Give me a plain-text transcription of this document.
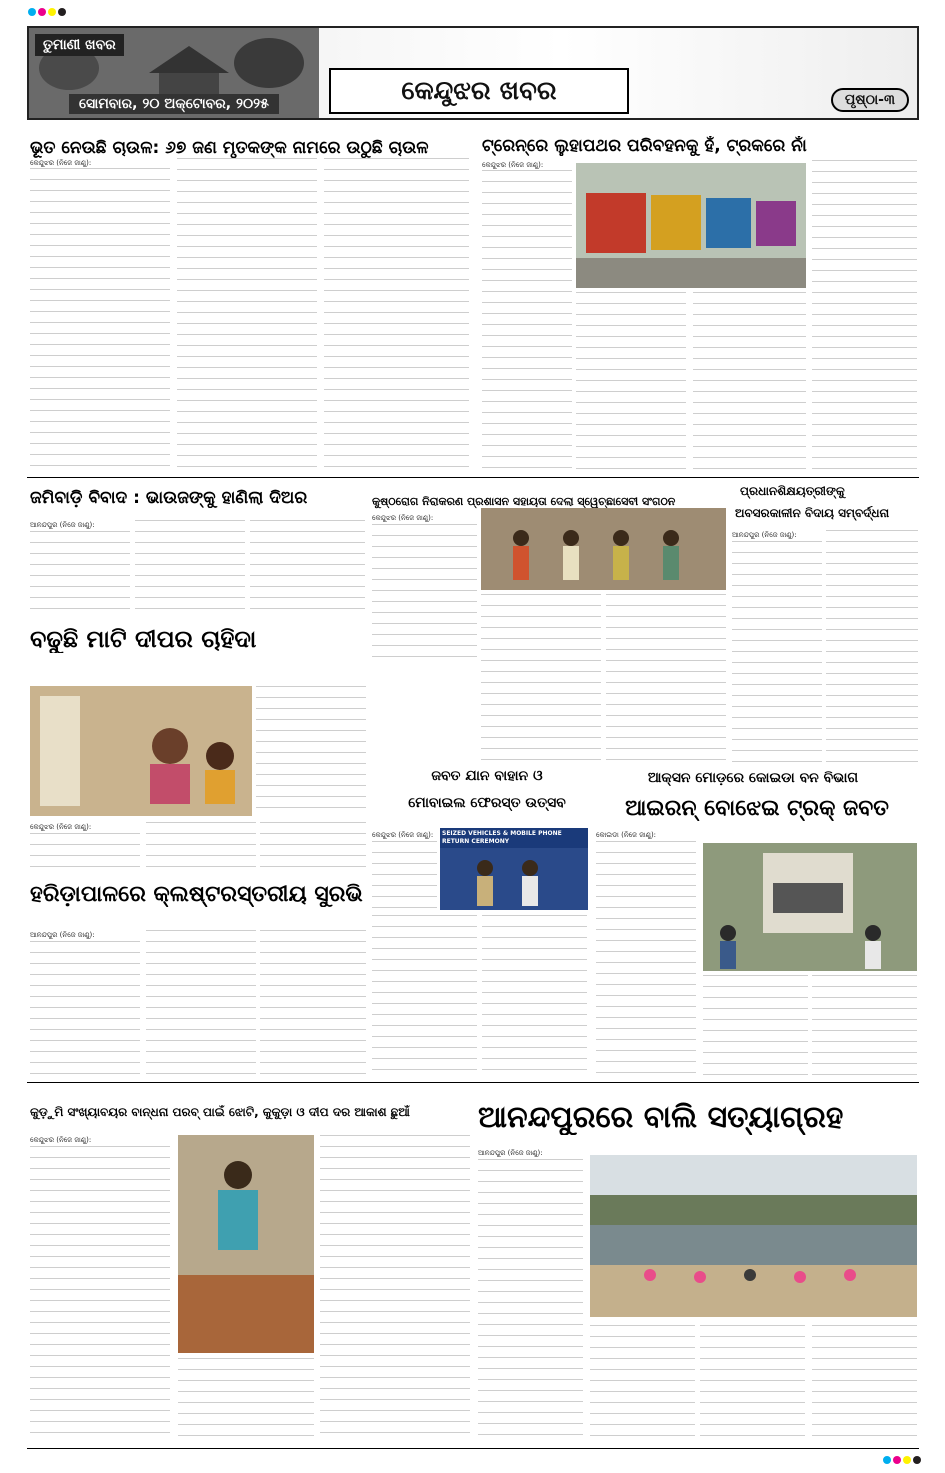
ତୁମାଣୀ ଖବର
ସୋମବାର, ୨୦ ଅକ୍ଟୋବର, ୨୦୨୫	କେନ୍ଦୁଝର ଖବର	ପୃଷ୍ଠା-୩
ଭୂତ ନେଉଛି ଚାଉଳ: ୬୭ ଜଣ ମୃତକଙ୍କ ନାମରେ ଉଠୁଛି ଚାଉଳ
କେନ୍ଦୁଝର (ନିଜେ ଜାଣୁ):
ଟ୍ରେନ୍‌ରେ ଲୁହାପଥର ପରିବହନକୁ ହଁ, ଟ୍ରକରେ ନାଁ
କେନ୍ଦୁଝର (ନିଜେ ଜାଣୁ):
ଜମିବାଡ଼ି ବିବାଦ : ଭାଉଜଙ୍କୁ ହାଣିଲା ଦିଅର
ଆନନ୍ଦପୁର (ନିଜେ ଜାଣୁ):
କୁଷ୍ଠରୋଗ ନିରାକରଣ ପ୍ରଶାସନ ସହାୟତା ଦେଲା ସ୍ୱେଚ୍ଛାସେବୀ ସଂଗଠନ
କେନ୍ଦୁଝର (ନିଜେ ଜାଣୁ):
ପ୍ରଧାନଶିକ୍ଷୟତ୍ରୀଙ୍କୁ
ଅବସରକାଳୀନ ବିଦାୟ ସମ୍ବର୍ଦ୍ଧନା
ଆନନ୍ଦପୁର (ନିଜେ ଜାଣୁ):
ବଢୁଛି ମାଟି ଦୀପର ଚାହିଦା
କେନ୍ଦୁଝର (ନିଜେ ଜାଣୁ):
ଜବତ ଯାନ ବାହାନ ଓ
ମୋବାଇଲ ଫେରସ୍ତ ଉତ୍ସବ
କେନ୍ଦୁଝର (ନିଜେ ଜାଣୁ):	SEIZED VEHICLES & MOBILE PHONE RETURN CEREMONY
ଆକ୍ସନ ମୋଡ଼ରେ କୋଇଡା ବନ ବିଭାଗ
ଆଇରନ୍ ବୋଝେଇ ଟ୍ରକ୍ ଜବତ
କୋଇଡା (ନିଜେ ଜାଣୁ):
ହରିଡ଼ାପାଳରେ କ୍ଲଷ୍ଟରସ୍ତରୀୟ ସୁରଭି
ଆନନ୍ଦପୁର (ନିଜେ ଜାଣୁ):
କୁଡ଼ୁମି ସଂଖ୍ୟାବୟର ବାନ୍ଧନା ପରବ୍ ପାଇଁ ଝୋଟି, କୁକୁଡ଼ା ଓ ଦୀପ ଦର ଆକାଶ ଛୁଆଁ
କେନ୍ଦୁଝର (ନିଜେ ଜାଣୁ):
ଆନନ୍ଦପୁରରେ ବାଲି ସତ୍ୟାଗ୍ରହ
ଆନନ୍ଦପୁର (ନିଜେ ଜାଣୁ):
